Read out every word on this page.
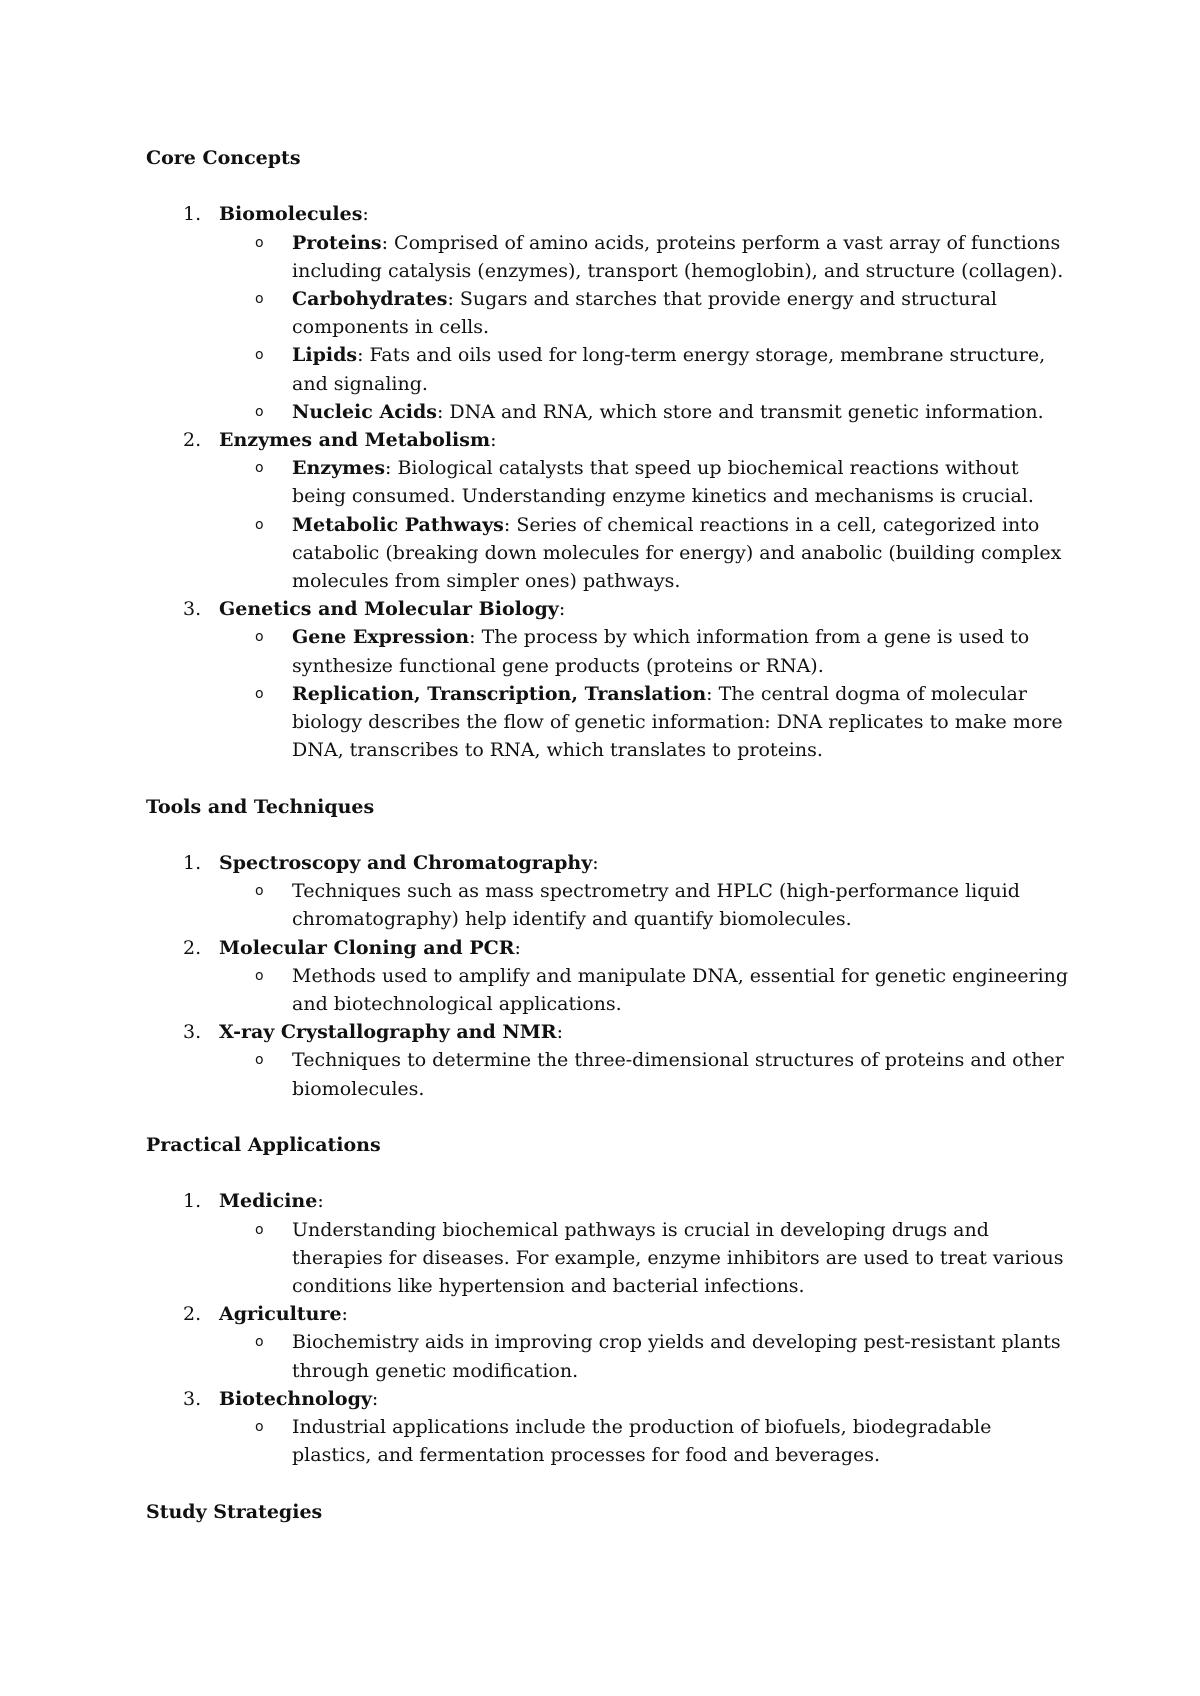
Core Concepts
1. Biomolecules:
o Proteins: Comprised of amino acids, proteins perform a vast array of functions including catalysis (enzymes), transport (hemoglobin), and structure (collagen).
o Carbohydrates: Sugars and starches that provide energy and structural components in cells.
o Lipids: Fats and oils used for long-term energy storage, membrane structure, and signaling.
o Nucleic Acids: DNA and RNA, which store and transmit genetic information.
2. Enzymes and Metabolism:
o Enzymes: Biological catalysts that speed up biochemical reactions without being consumed. Understanding enzyme kinetics and mechanisms is crucial.
o Metabolic Pathways: Series of chemical reactions in a cell, categorized into catabolic (breaking down molecules for energy) and anabolic (building complex molecules from simpler ones) pathways.
3. Genetics and Molecular Biology:
o Gene Expression: The process by which information from a gene is used to synthesize functional gene products (proteins or RNA).
o Replication, Transcription, Translation: The central dogma of molecular biology describes the flow of genetic information: DNA replicates to make more DNA, transcribes to RNA, which translates to proteins.
Tools and Techniques
1. Spectroscopy and Chromatography:
o Techniques such as mass spectrometry and HPLC (high-performance liquid chromatography) help identify and quantify biomolecules.
2. Molecular Cloning and PCR:
o Methods used to amplify and manipulate DNA, essential for genetic engineering and biotechnological applications.
3. X-ray Crystallography and NMR:
o Techniques to determine the three-dimensional structures of proteins and other biomolecules.
Practical Applications
1. Medicine:
o Understanding biochemical pathways is crucial in developing drugs and therapies for diseases. For example, enzyme inhibitors are used to treat various conditions like hypertension and bacterial infections.
2. Agriculture:
o Biochemistry aids in improving crop yields and developing pest-resistant plants through genetic modification.
3. Biotechnology:
o Industrial applications include the production of biofuels, biodegradable plastics, and fermentation processes for food and beverages.
Study Strategies
